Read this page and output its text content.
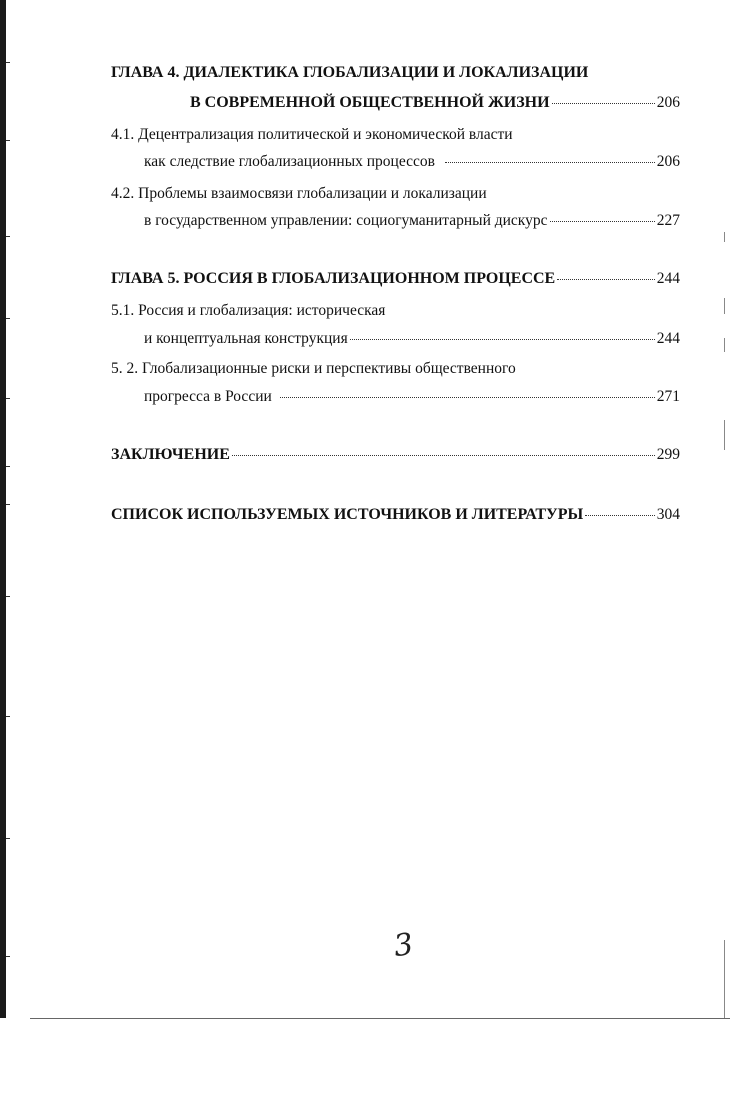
ГЛАВА 4. ДИАЛЕКТИКА ГЛОБАЛИЗАЦИИ И ЛОКАЛИЗАЦИИ
В СОВРЕМЕННОЙ ОБЩЕСТВЕННОЙ ЖИЗНИ	206
4.1. Децентрализация политической и экономической власти
как следствие глобализационных процессов	206
4.2. Проблемы взаимосвязи глобализации и локализации
в государственном управлении: социогуманитарный дискурс	227
ГЛАВА 5. РОССИЯ В ГЛОБАЛИЗАЦИОННОМ ПРОЦЕССЕ	244
5.1. Россия и глобализация: историческая
и концептуальная конструкция	244
5. 2. Глобализационные риски и перспективы общественного
прогресса в России	271
ЗАКЛЮЧЕНИЕ	299
СПИСОК ИСПОЛЬЗУЕМЫХ ИСТОЧНИКОВ И ЛИТЕРАТУРЫ	304
3
